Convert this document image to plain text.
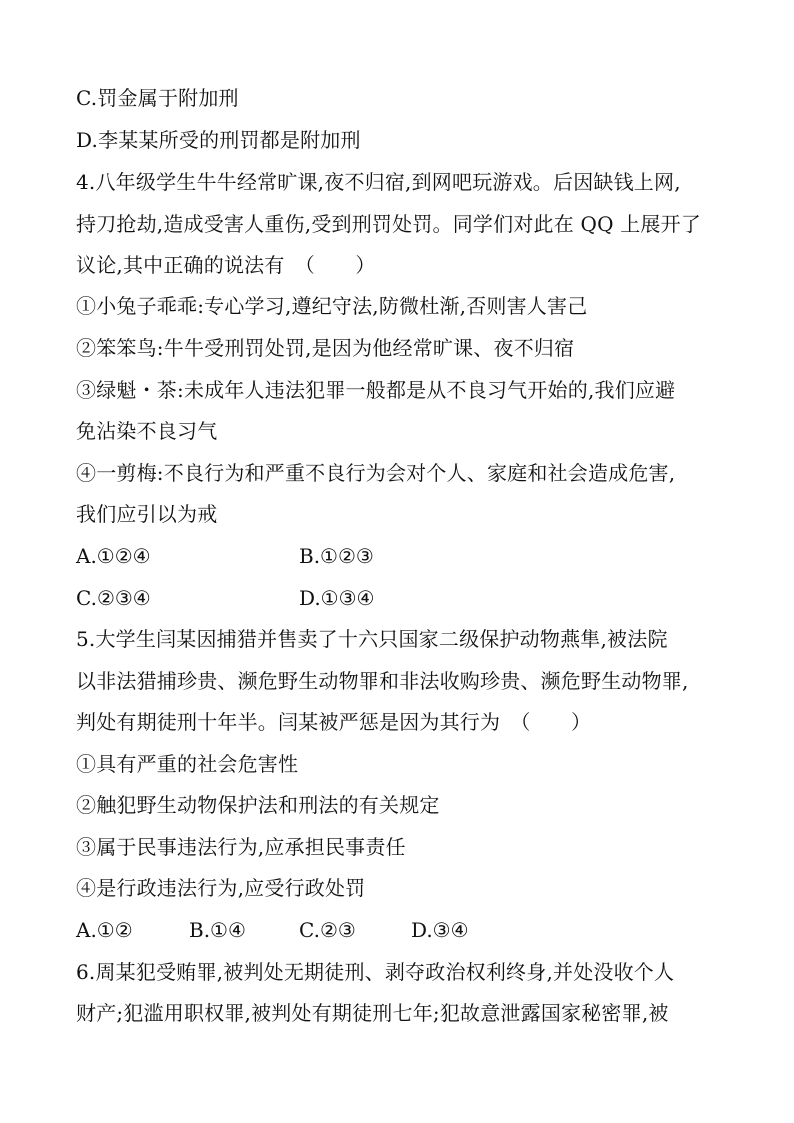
C.罚金属于附加刑
D.李某某所受的刑罚都是附加刑
4.八年级学生牛牛经常旷课,夜不归宿,到网吧玩游戏。后因缺钱上网,
持刀抢劫,造成受害人重伤,受到刑罚处罚。同学们对此在 QQ 上展开了
议论,其中正确的说法有　（　　）
①小兔子乖乖:专心学习,遵纪守法,防微杜渐,否则害人害己
②笨笨鸟:牛牛受刑罚处罚,是因为他经常旷课、夜不归宿
③绿魁・茶:未成年人违法犯罪一般都是从不良习气开始的,我们应避
免沾染不良习气
④一剪梅:不良行为和严重不良行为会对个人、家庭和社会造成危害,
我们应引以为戒
A.①②④	B.①②③
C.②③④	D.①③④
5.大学生闫某因捕猎并售卖了十六只国家二级保护动物燕隼,被法院
以非法猎捕珍贵、濒危野生动物罪和非法收购珍贵、濒危野生动物罪,
判处有期徒刑十年半。闫某被严惩是因为其行为　（　　）
①具有严重的社会危害性
②触犯野生动物保护法和刑法的有关规定
③属于民事违法行为,应承担民事责任
④是行政违法行为,应受行政处罚
A.①②	B.①④	C.②③	D.③④
6.周某犯受贿罪,被判处无期徒刑、剥夺政治权利终身,并处没收个人
财产;犯滥用职权罪,被判处有期徒刑七年;犯故意泄露国家秘密罪,被
